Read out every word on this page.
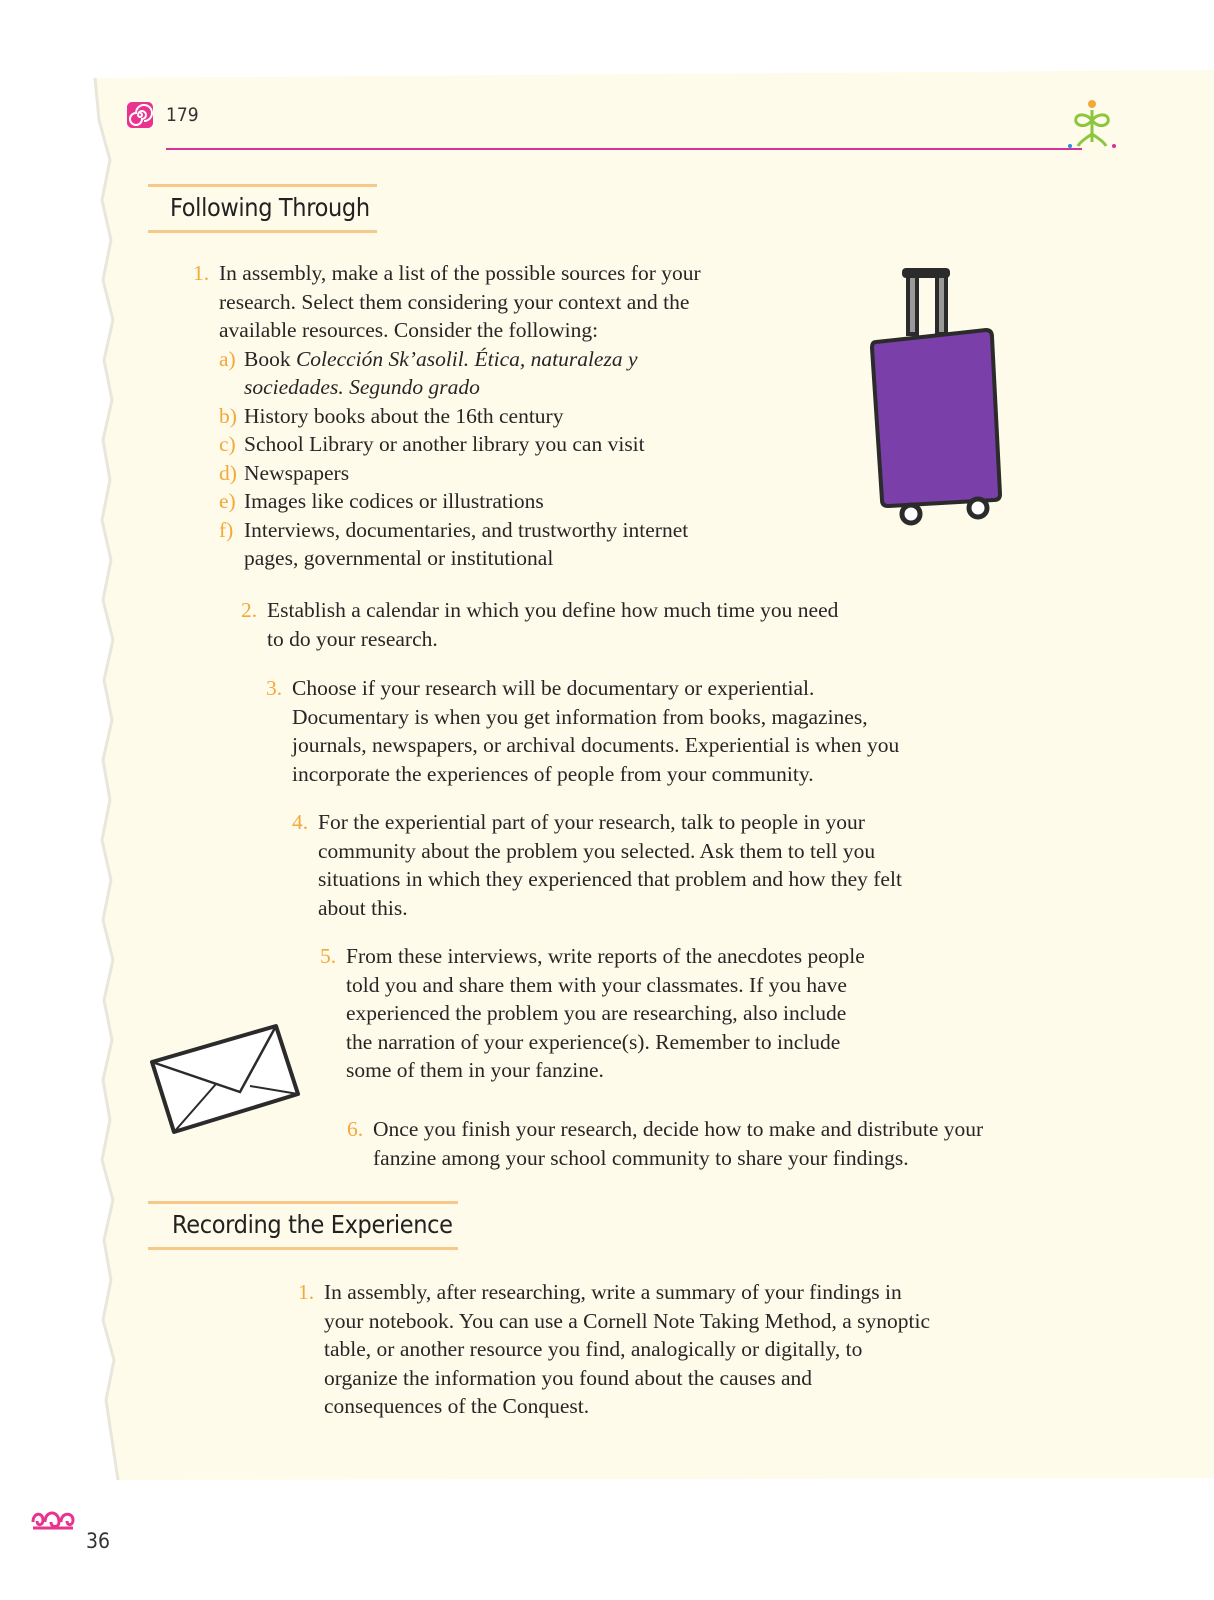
179
Following Through
1. In assembly, make a list of the possible sources for your research. Select them considering your context and the available resources. Consider the following:
a) Book Colección Sk’asolil. Ética, naturaleza y sociedades. Segundo grado
b) History books about the 16th century
c) School Library or another library you can visit
d) Newspapers
e) Images like codices or illustrations
f) Interviews, documentaries, and trustworthy internet pages, governmental or institutional
2. Establish a calendar in which you define how much time you need to do your research.
3. Choose if your research will be documentary or experiential. Documentary is when you get information from books, magazines, journals, newspapers, or archival documents. Experiential is when you incorporate the experiences of people from your community.
4. For the experiential part of your research, talk to people in your community about the problem you selected. Ask them to tell you situations in which they experienced that problem and how they felt about this.
5. From these interviews, write reports of the anecdotes people told you and share them with your classmates. If you have experienced the problem you are researching, also include the narration of your experience(s). Remember to include some of them in your fanzine.
6. Once you finish your research, decide how to make and distribute your fanzine among your school community to share your findings.
Recording the Experience
1. In assembly, after researching, write a summary of your findings in your notebook. You can use a Cornell Note Taking Method, a synoptic table, or another resource you find, analogically or digitally, to organize the information you found about the causes and consequences of the Conquest.
36
